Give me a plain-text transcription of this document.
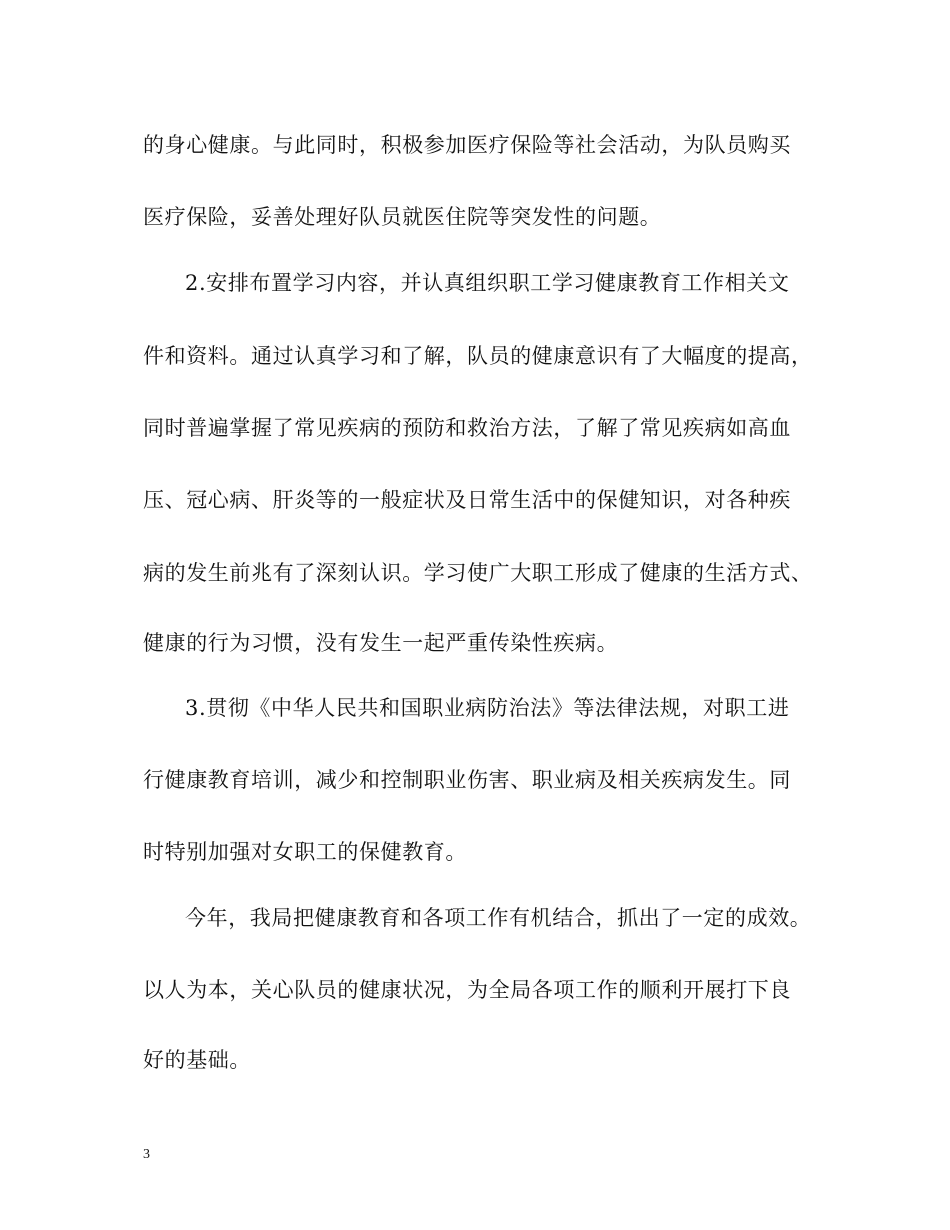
的身心健康。与此同时，积极参加医疗保险等社会活动，为队员购买
医疗保险，妥善处理好队员就医住院等突发性的问题。
2.安排布置学习内容，并认真组织职工学习健康教育工作相关文
件和资料。通过认真学习和了解，队员的健康意识有了大幅度的提高，
同时普遍掌握了常见疾病的预防和救治方法，了解了常见疾病如高血
压、冠心病、肝炎等的一般症状及日常生活中的保健知识，对各种疾
病的发生前兆有了深刻认识。学习使广大职工形成了健康的生活方式、
健康的行为习惯，没有发生一起严重传染性疾病。
3.贯彻《中华人民共和国职业病防治法》等法律法规，对职工进
行健康教育培训，减少和控制职业伤害、职业病及相关疾病发生。同
时特别加强对女职工的保健教育。
今年，我局把健康教育和各项工作有机结合，抓出了一定的成效。
以人为本，关心队员的健康状况，为全局各项工作的顺利开展打下良
好的基础。
3
